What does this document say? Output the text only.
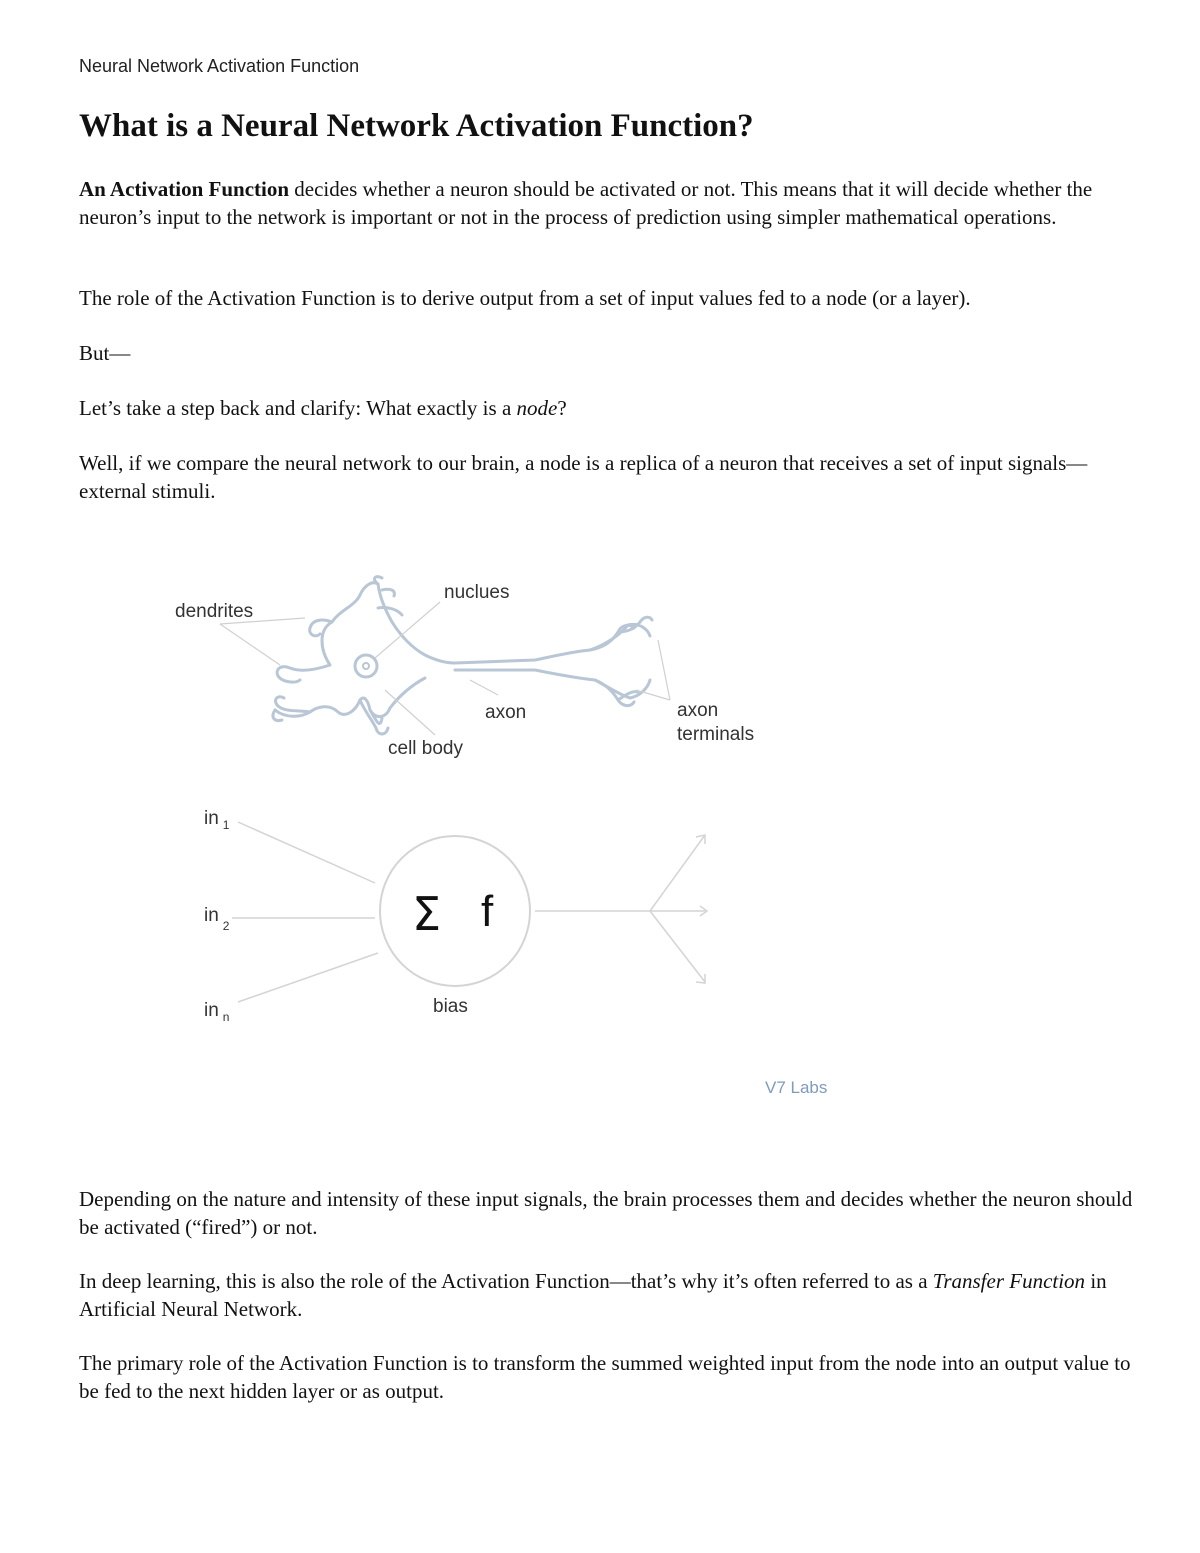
Neural Network Activation Function
What is a Neural Network Activation Function?

An Activation Function decides whether a neuron should be activated or not. This means that it will decide whether the neuron’s input to the network is important or not in the process of prediction using simpler mathematical operations.

The role of the Activation Function is to derive output from a set of input values fed to a node (or a layer).

But—

Let’s take a step back and clarify: What exactly is a node?

Well, if we compare the neural network to our brain, a node is a replica of a neuron that receives a set of input signals—external stimuli.

dendrites
nuclues
axon	axon
terminals
cell body
Σ f
in $_1$
in $_2$
in $_n$	bias
V7 Labs

Depending on the nature and intensity of these input signals, the brain processes them and decides whether the neuron should be activated (“fired”) or not.

In deep learning, this is also the role of the Activation Function—that’s why it’s often referred to as a Transfer Function in Artificial Neural Network.

The primary role of the Activation Function is to transform the summed weighted input from the node into an output value to be fed to the next hidden layer or as output.
